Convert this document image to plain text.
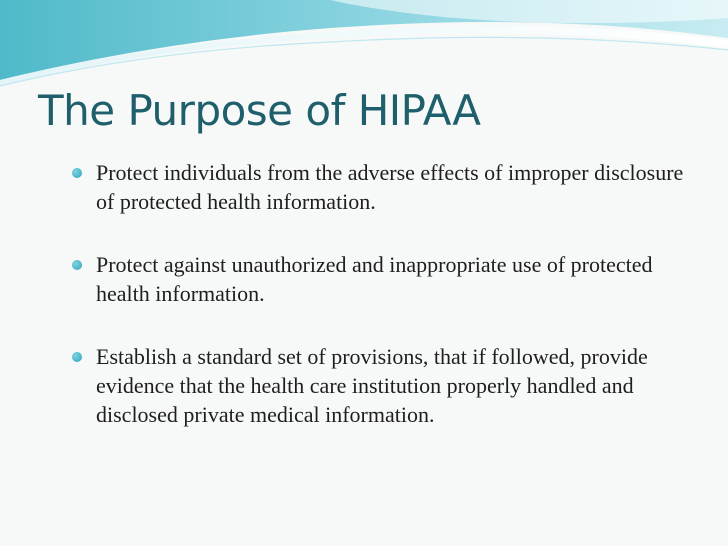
The Purpose of HIPAA
Protect individuals from the adverse effects of improper disclosure of protected health information.
Protect against unauthorized and inappropriate use of protected health information.
Establish a standard set of provisions, that if followed, provide evidence that the health care institution properly handled and disclosed private medical information.
